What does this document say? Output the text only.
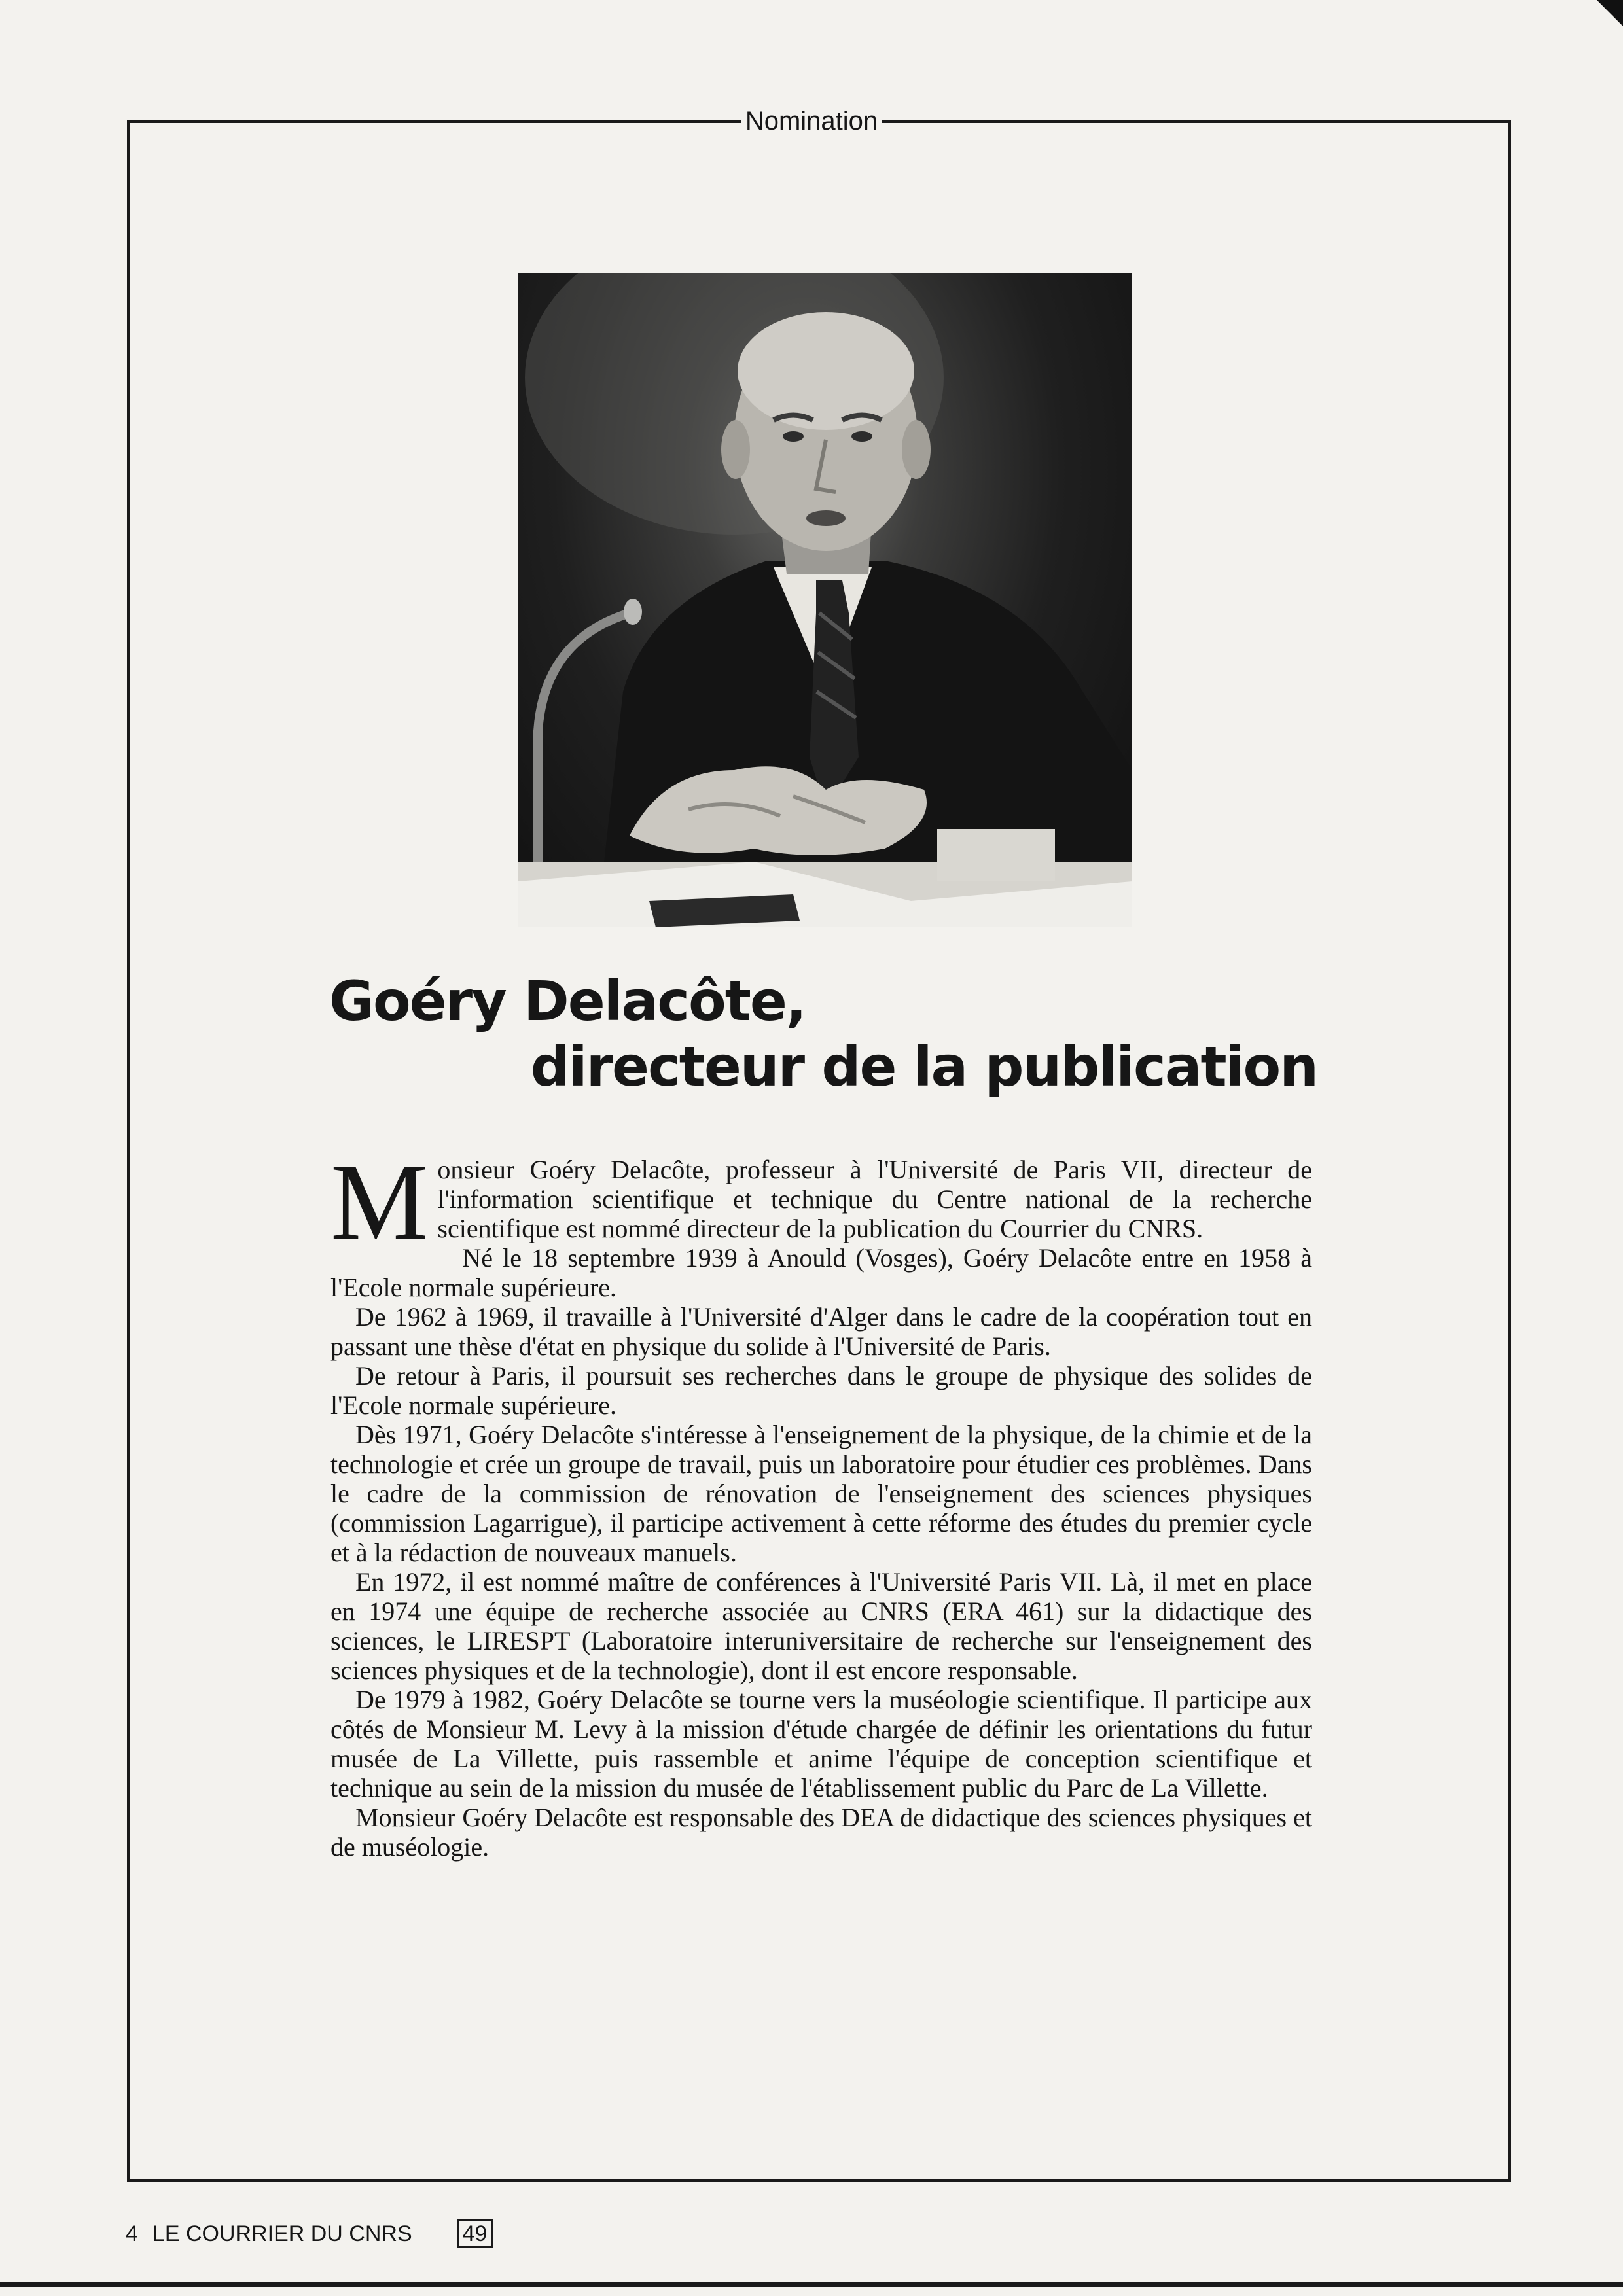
Nomination
Goéry Delacôte,
directeur de la publication

Monsieur Goéry Delacôte, professeur à l'Université de Paris VII, directeur de l'information scientifique et technique du Centre national de la recherche scientifique est nommé directeur de la publication du Courrier du CNRS.

Né le 18 septembre 1939 à Anould (Vosges), Goéry Delacôte entre en 1958 à l'Ecole normale supérieure.

De 1962 à 1969, il travaille à l'Université d'Alger dans le cadre de la coopération tout en passant une thèse d'état en physique du solide à l'Université de Paris.

De retour à Paris, il poursuit ses recherches dans le groupe de physique des solides de l'Ecole normale supérieure.

Dès 1971, Goéry Delacôte s'intéresse à l'enseignement de la physique, de la chimie et de la technologie et crée un groupe de travail, puis un laboratoire pour étudier ces problèmes. Dans le cadre de la commission de rénovation de l'enseignement des sciences physiques (commission Lagarrigue), il participe activement à cette réforme des études du premier cycle et à la rédaction de nouveaux manuels.

En 1972, il est nommé maître de conférences à l'Université Paris VII. Là, il met en place en 1974 une équipe de recherche associée au CNRS (ERA 461) sur la didactique des sciences, le LIRESPT (Laboratoire interuniversitaire de recherche sur l'enseignement des sciences physiques et de la technologie), dont il est encore responsable.

De 1979 à 1982, Goéry Delacôte se tourne vers la muséologie scientifique. Il participe aux côtés de Monsieur M. Levy à la mission d'étude chargée de définir les orientations du futur musée de La Villette, puis rassemble et anime l'équipe de conception scientifique et technique au sein de la mission du musée de l'établissement public du Parc de La Villette.

Monsieur Goéry Delacôte est responsable des DEA de didactique des sciences physiques et de muséologie.

4 LE COURRIER DU CNRS 49
